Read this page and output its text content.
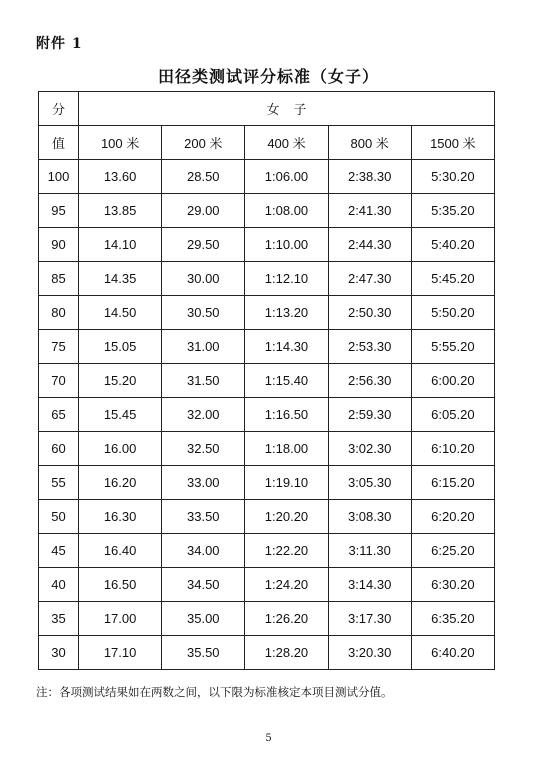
附件 1
田径类测试评分标准（女子）
分	女子				
值	100 米	200 米	400 米	800 米	1500 米
100	13.60	28.50	1:06.00	2:38.30	5:30.20
95	13.85	29.00	1:08.00	2:41.30	5:35.20
90	14.10	29.50	1:10.00	2:44.30	5:40.20
85	14.35	30.00	1:12.10	2:47.30	5:45.20
80	14.50	30.50	1:13.20	2:50.30	5:50.20
75	15.05	31.00	1:14.30	2:53.30	5:55.20
70	15.20	31.50	1:15.40	2:56.30	6:00.20
65	15.45	32.00	1:16.50	2:59.30	6:05.20
60	16.00	32.50	1:18.00	3:02.30	6:10.20
55	16.20	33.00	1:19.10	3:05.30	6:15.20
50	16.30	33.50	1:20.20	3:08.30	6:20.20
45	16.40	34.00	1:22.20	3:11.30	6:25.20
40	16.50	34.50	1:24.20	3:14.30	6:30.20
35	17.00	35.00	1:26.20	3:17.30	6:35.20
30	17.10	35.50	1:28.20	3:20.30	6:40.20
注：各项测试结果如在两数之间，以下限为标准核定本项目测试分值。
5
